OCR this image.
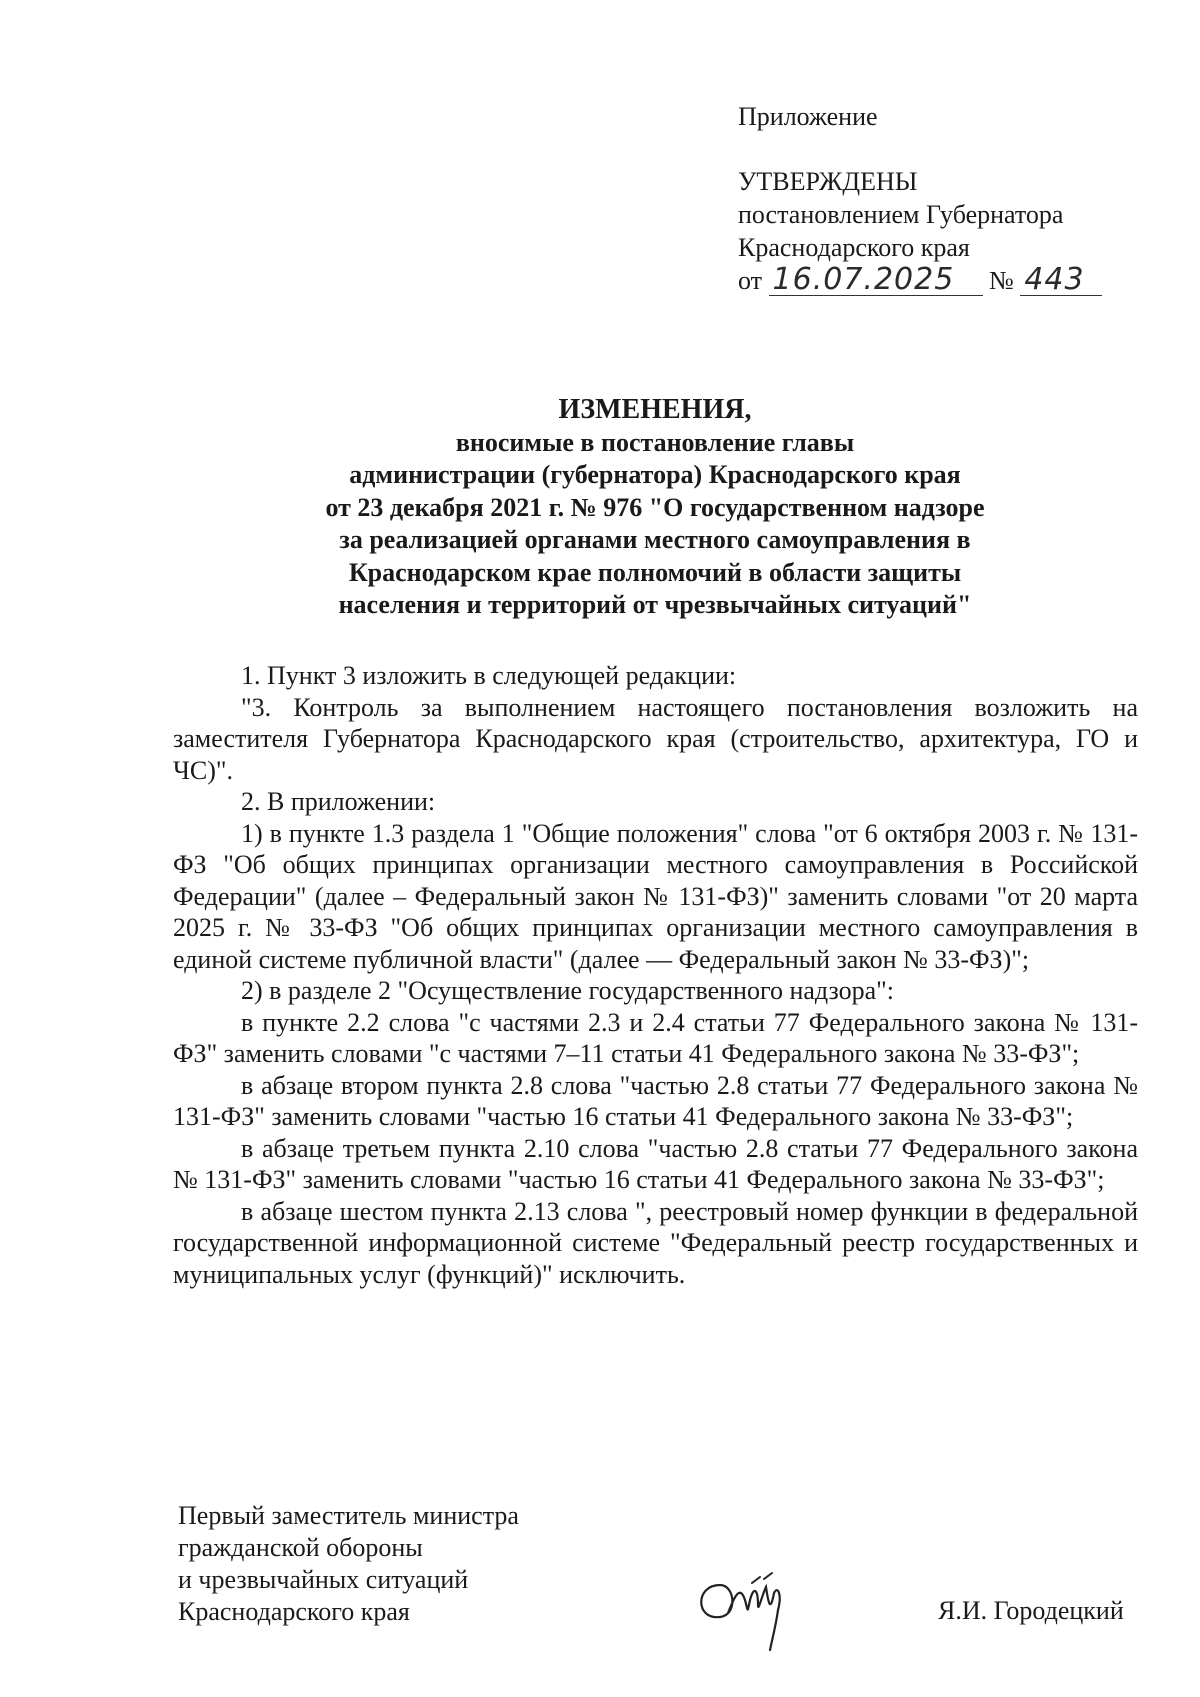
Приложение
УТВЕРЖДЕНЫ
постановлением Губернатора
Краснодарского края
от 16.07.2025 № 443
ИЗМЕНЕНИЯ,
вносимые в постановление главы
администрации (губернатора) Краснодарского края
от 23 декабря 2021 г. № 976 "О государственном надзоре
за реализацией органами местного самоуправления в
Краснодарском крае полномочий в области защиты
населения и территорий от чрезвычайных ситуаций"

1. Пункт 3 изложить в следующей редакции:

"3. Контроль за выполнением настоящего постановления возложить на заместителя Губернатора Краснодарского края (строительство, архитектура, ГО и ЧС)".

2. В приложении:

1) в пункте 1.3 раздела 1 "Общие положения" слова "от 6 октября 2003 г. № 131-ФЗ "Об общих принципах организации местного самоуправления в Российской Федерации" (далее – Федеральный закон № 131-ФЗ)" заменить словами "от 20 марта 2025 г. № 33-ФЗ "Об общих принципах организации местного самоуправления в единой системе публичной власти" (далее — Федеральный закон № 33-ФЗ)";

2) в разделе 2 "Осуществление государственного надзора":

в пункте 2.2 слова "с частями 2.3 и 2.4 статьи 77 Федерального закона № 131-ФЗ" заменить словами "с частями 7–11 статьи 41 Федерального закона № 33-ФЗ";

в абзаце втором пункта 2.8 слова "частью 2.8 статьи 77 Федерального закона № 131-ФЗ" заменить словами "частью 16 статьи 41 Федерального закона № 33-ФЗ";

в абзаце третьем пункта 2.10 слова "частью 2.8 статьи 77 Федерального закона № 131-ФЗ" заменить словами "частью 16 статьи 41 Федерального закона № 33-ФЗ";

в абзаце шестом пункта 2.13 слова ", реестровый номер функции в федеральной государственной информационной системе "Федеральный реестр государственных и муниципальных услуг (функций)" исключить.

Первый заместитель министра
гражданской обороны
и чрезвычайных ситуаций
Краснодарского края	Я.И. Городецкий
